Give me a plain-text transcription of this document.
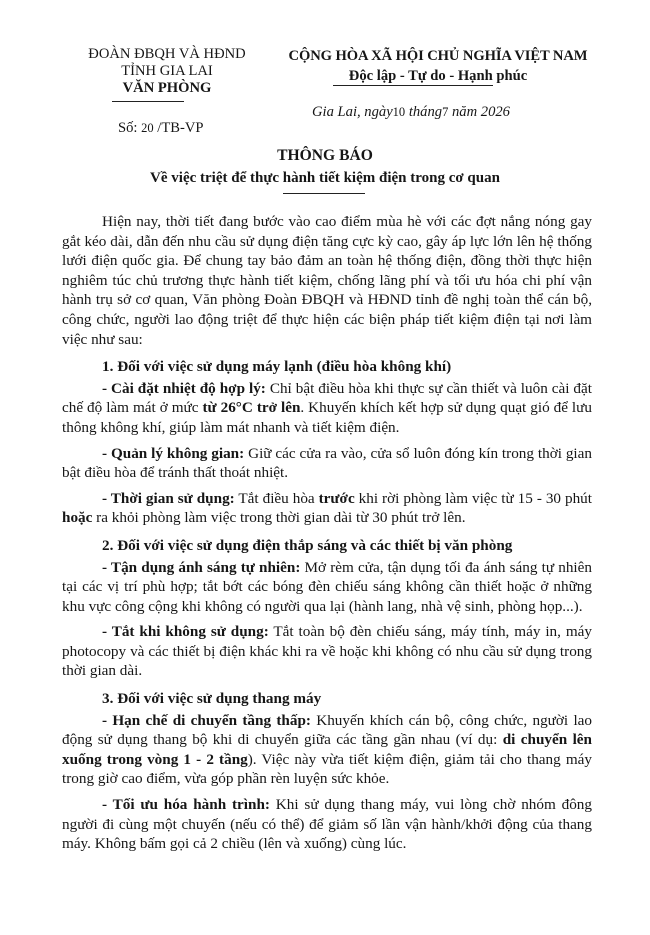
ĐOÀN ĐBQH VÀ HĐND
TỈNH GIA LAI
VĂN PHÒNG
Số: 20 /TB-VP
CỘNG HÒA XÃ HỘI CHỦ NGHĨA VIỆT NAM
Độc lập - Tự do - Hạnh phúc
Gia Lai, ngày10 tháng7 năm 2026
THÔNG BÁO
Về việc triệt để thực hành tiết kiệm điện trong cơ quan

Hiện nay, thời tiết đang bước vào cao điểm mùa hè với các đợt nắng nóng gay gắt kéo dài, dẫn đến nhu cầu sử dụng điện tăng cực kỳ cao, gây áp lực lớn lên hệ thống lưới điện quốc gia. Để chung tay bảo đảm an toàn hệ thống điện, đồng thời thực hiện nghiêm túc chủ trương thực hành tiết kiệm, chống lãng phí và tối ưu hóa chi phí vận hành trụ sở cơ quan, Văn phòng Đoàn ĐBQH và HĐND tỉnh đề nghị toàn thể cán bộ, công chức, người lao động triệt để thực hiện các biện pháp tiết kiệm điện tại nơi làm việc như sau:

1. Đối với việc sử dụng máy lạnh (điều hòa không khí)

- Cài đặt nhiệt độ hợp lý: Chỉ bật điều hòa khi thực sự cần thiết và luôn cài đặt chế độ làm mát ở mức từ 26°C trở lên. Khuyến khích kết hợp sử dụng quạt gió để lưu thông không khí, giúp làm mát nhanh và tiết kiệm điện.

- Quản lý không gian: Giữ các cửa ra vào, cửa sổ luôn đóng kín trong thời gian bật điều hòa để tránh thất thoát nhiệt.

- Thời gian sử dụng: Tắt điều hòa trước khi rời phòng làm việc từ 15 - 30 phút hoặc ra khỏi phòng làm việc trong thời gian dài từ 30 phút trở lên.

2. Đối với việc sử dụng điện thắp sáng và các thiết bị văn phòng

- Tận dụng ánh sáng tự nhiên: Mở rèm cửa, tận dụng tối đa ánh sáng tự nhiên tại các vị trí phù hợp; tắt bớt các bóng đèn chiếu sáng không cần thiết hoặc ở những khu vực công cộng khi không có người qua lại (hành lang, nhà vệ sinh, phòng họp...).

- Tắt khi không sử dụng: Tắt toàn bộ đèn chiếu sáng, máy tính, máy in, máy photocopy và các thiết bị điện khác khi ra về hoặc khi không có nhu cầu sử dụng trong thời gian dài.

3. Đối với việc sử dụng thang máy

- Hạn chế di chuyển tầng thấp: Khuyến khích cán bộ, công chức, người lao động sử dụng thang bộ khi di chuyển giữa các tầng gần nhau (ví dụ: di chuyển lên xuống trong vòng 1 - 2 tầng). Việc này vừa tiết kiệm điện, giảm tải cho thang máy trong giờ cao điểm, vừa góp phần rèn luyện sức khỏe.

- Tối ưu hóa hành trình: Khi sử dụng thang máy, vui lòng chờ nhóm đông người đi cùng một chuyến (nếu có thể) để giảm số lần vận hành/khởi động của thang máy. Không bấm gọi cả 2 chiều (lên và xuống) cùng lúc.
